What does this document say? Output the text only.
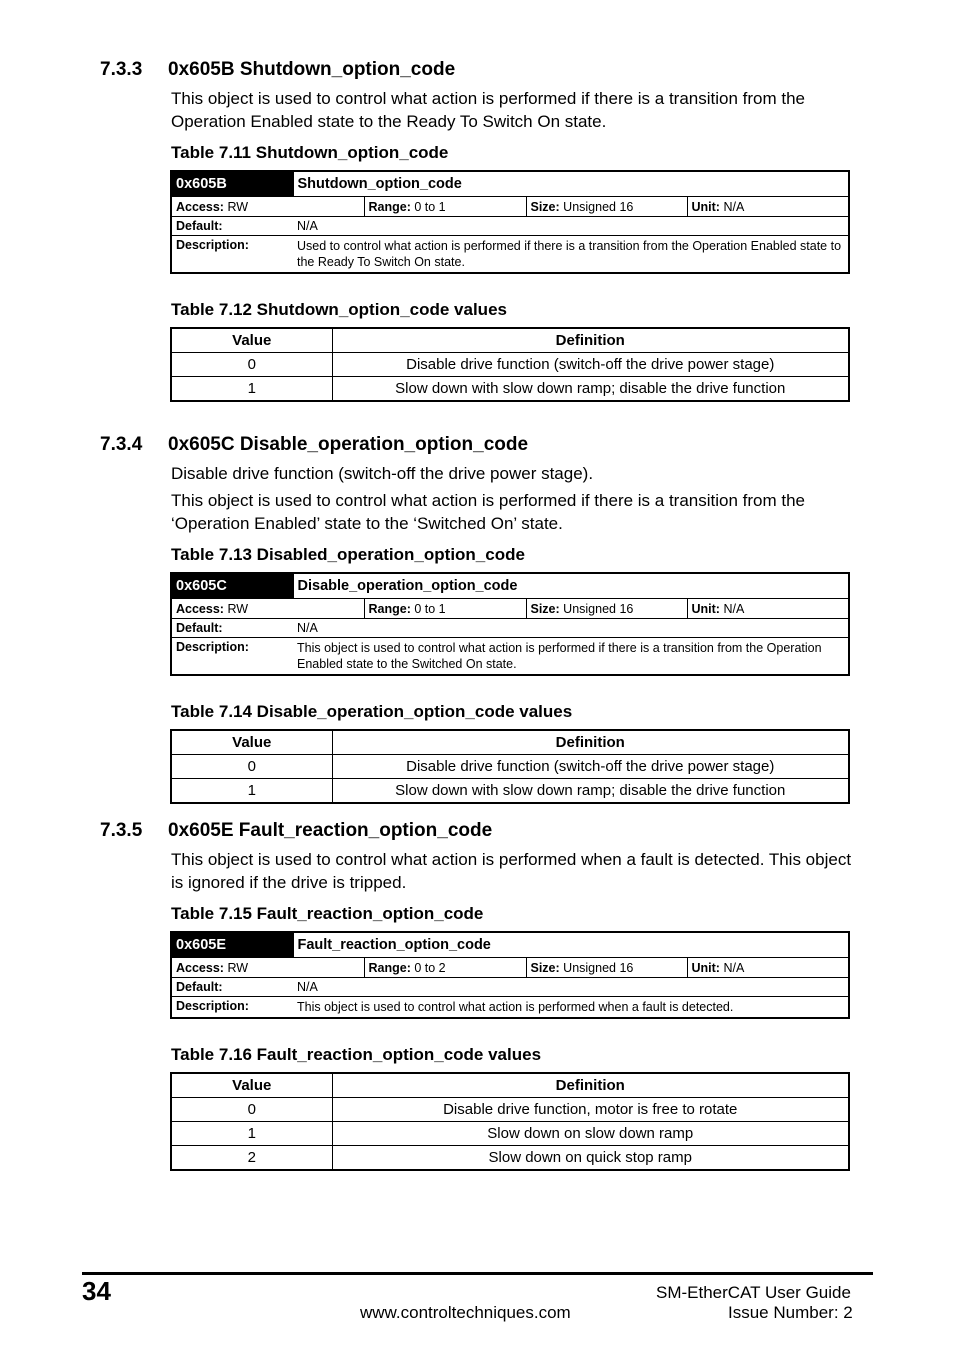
7.3.3 0x605B Shutdown_option_code

This object is used to control what action is performed if there is a transition from the Operation Enabled state to the Ready To Switch On state.

Table 7.11 Shutdown_option_code

0x605B	Shutdown_option_code			
Access: RW		Range: 0 to 1	Size: Unsigned 16	Unit: N/A
Default:	N/A			
Description:	Used to control what action is performed if there is a transition from the Operation Enabled state to the Ready To Switch On state.			

Table 7.12 Shutdown_option_code values

Value	Definition
0	Disable drive function (switch-off the drive power stage)
1	Slow down with slow down ramp; disable the drive function
7.3.4 0x605C Disable_operation_option_code

Disable drive function (switch-off the drive power stage).

This object is used to control what action is performed if there is a transition from the ‘Operation Enabled’ state to the ‘Switched On’ state.

Table 7.13 Disabled_operation_option_code

0x605C	Disable_operation_option_code			
Access: RW		Range: 0 to 1	Size: Unsigned 16	Unit: N/A
Default:	N/A			
Description:	This object is used to control what action is performed if there is a transition from the Operation Enabled state to the Switched On state.			

Table 7.14 Disable_operation_option_code values

Value	Definition
0	Disable drive function (switch-off the drive power stage)
1	Slow down with slow down ramp; disable the drive function
7.3.5 0x605E Fault_reaction_option_code

This object is used to control what action is performed when a fault is detected. This object is ignored if the drive is tripped.

Table 7.15 Fault_reaction_option_code

0x605E	Fault_reaction_option_code			
Access: RW		Range: 0 to 2	Size: Unsigned 16	Unit: N/A
Default:	N/A			
Description:	This object is used to control what action is performed when a fault is detected.			

Table 7.16 Fault_reaction_option_code values

Value	Definition
0	Disable drive function, motor is free to rotate
1	Slow down on slow down ramp
2	Slow down on quick stop ramp

34

www.controltechniques.com

SM-EtherCAT User Guide

Issue Number: 2
